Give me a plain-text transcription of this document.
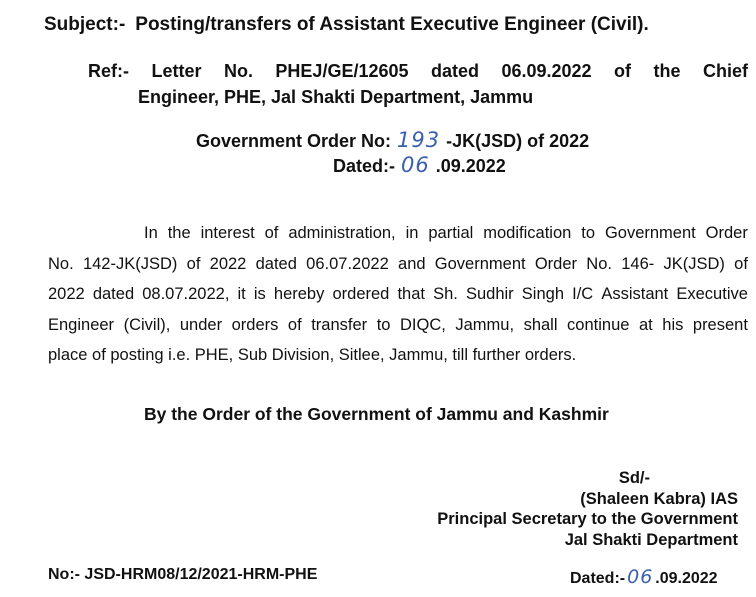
Subject:- Posting/transfers of Assistant Executive Engineer (Civil).
Ref:- Letter No. PHEJ/GE/12605 dated 06.09.2022 of the Chief
Engineer, PHE, Jal Shakti Department, Jammu
Government Order No: 193 -JK(JSD) of 2022
Dated:- 06 .09.2022
In the interest of administration, in partial modification to Government Order
No. 142-JK(JSD) of 2022 dated 06.07.2022 and Government Order No. 146- JK(JSD) of
2022 dated 08.07.2022, it is hereby ordered that Sh. Sudhir Singh I/C Assistant Executive
Engineer (Civil), under orders of transfer to DIQC, Jammu, shall continue at his present
place of posting i.e. PHE, Sub Division, Sitlee, Jammu, till further orders.
By the Order of the Government of Jammu and Kashmir
Sd/-
(Shaleen Kabra) IAS
Principal Secretary to the Government
Jal Shakti Department
No:- JSD-HRM08/12/2021-HRM-PHE	Dated:- 06 .09.2022
